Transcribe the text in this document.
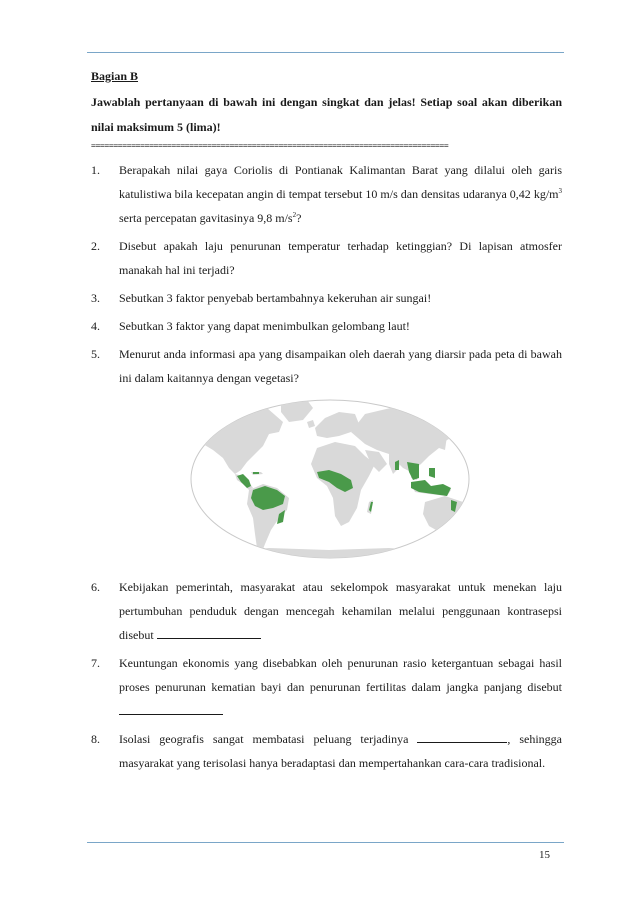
Bagian B
Jawablah pertanyaan di bawah ini dengan singkat dan jelas! Setiap soal akan diberikan nilai maksimum 5 (lima)!
================================================================================
1. Berapakah nilai gaya Coriolis di Pontianak Kalimantan Barat yang dilalui oleh garis katulistiwa bila kecepatan angin di tempat tersebut 10 m/s dan densitas udaranya 0,42 $kg/m^3$ serta percepatan gavitasinya 9,8 $m/s^2$?
2. Disebut apakah laju penurunan temperatur terhadap ketinggian? Di lapisan atmosfer manakah hal ini terjadi?
3. Sebutkan 3 faktor penyebab bertambahnya kekeruhan air sungai!
4. Sebutkan 3 faktor yang dapat menimbulkan gelombang laut!
5. Menurut anda informasi apa yang disampaikan oleh daerah yang diarsir pada peta di bawah ini dalam kaitannya dengan vegetasi?
6. Kebijakan pemerintah, masyarakat atau sekelompok masyarakat untuk menekan laju pertumbuhan penduduk dengan mencegah kehamilan melalui penggunaan kontrasepsi disebut
7. Keuntungan ekonomis yang disebabkan oleh penurunan rasio ketergantuan sebagai hasil proses penurunan kematian bayi dan penurunan fertilitas dalam jangka panjang disebut
8. Isolasi geografis sangat membatasi peluang terjadinya	, sehingga masyarakat yang terisolasi hanya beradaptasi dan mempertahankan cara-cara tradisional.
15
